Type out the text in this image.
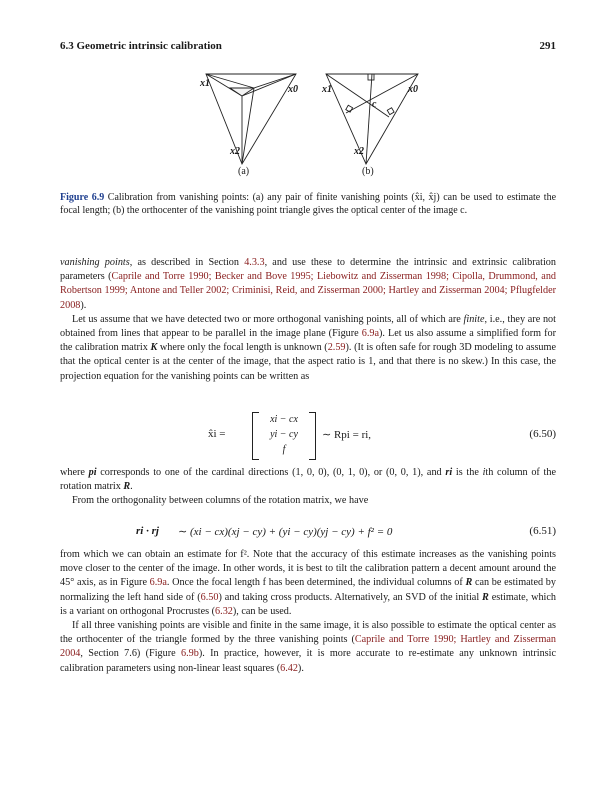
6.3 Geometric intrinsic calibration	291
x1
x0
x2
(a)
x1	x0
c
x2
(b)
Figure 6.9 Calibration from vanishing points: (a) any pair of finite vanishing points (x̂i, x̂j) can be used to estimate the focal length; (b) the orthocenter of the vanishing point triangle gives the optical center of the image c.

vanishing points, as described in Section 4.3.3, and use these to determine the intrinsic and extrinsic calibration parameters (Caprile and Torre 1990; Becker and Bove 1995; Liebowitz and Zisserman 1998; Cipolla, Drummond, and Robertson 1999; Antone and Teller 2002; Criminisi, Reid, and Zisserman 2000; Hartley and Zisserman 2004; Pflugfelder 2008).

Let us assume that we have detected two or more orthogonal vanishing points, all of which are finite, i.e., they are not obtained from lines that appear to be parallel in the image plane (Figure 6.9a). Let us also assume a simplified form for the calibration matrix K where only the focal length is unknown (2.59). (It is often safe for rough 3D modeling to assume that the optical center is at the center of the image, that the aspect ratio is 1, and that there is no skew.) In this case, the projection equation for the vanishing points can be written as

x̂i =
xi − cx
yi − cy
f
∼ Rpi = ri,	(6.50)

where pi corresponds to one of the cardinal directions (1, 0, 0), (0, 1, 0), or (0, 0, 1), and ri is the ith column of the rotation matrix R.

From the orthogonality between columns of the rotation matrix, we have

ri · rj ∼ (xi − cx)(xj − cy) + (yi − cy)(yj − cy) + f² = 0	(6.51)

from which we can obtain an estimate for f². Note that the accuracy of this estimate increases as the vanishing points move closer to the center of the image. In other words, it is best to tilt the calibration pattern a decent amount around the 45° axis, as in Figure 6.9a. Once the focal length f has been determined, the individual columns of R can be estimated by normalizing the left hand side of (6.50) and taking cross products. Alternatively, an SVD of the initial R estimate, which is a variant on orthogonal Procrustes (6.32), can be used.

If all three vanishing points are visible and finite in the same image, it is also possible to estimate the optical center as the orthocenter of the triangle formed by the three vanishing points (Caprile and Torre 1990; Hartley and Zisserman 2004, Section 7.6) (Figure 6.9b). In practice, however, it is more accurate to re-estimate any unknown intrinsic calibration parameters using non-linear least squares (6.42).
